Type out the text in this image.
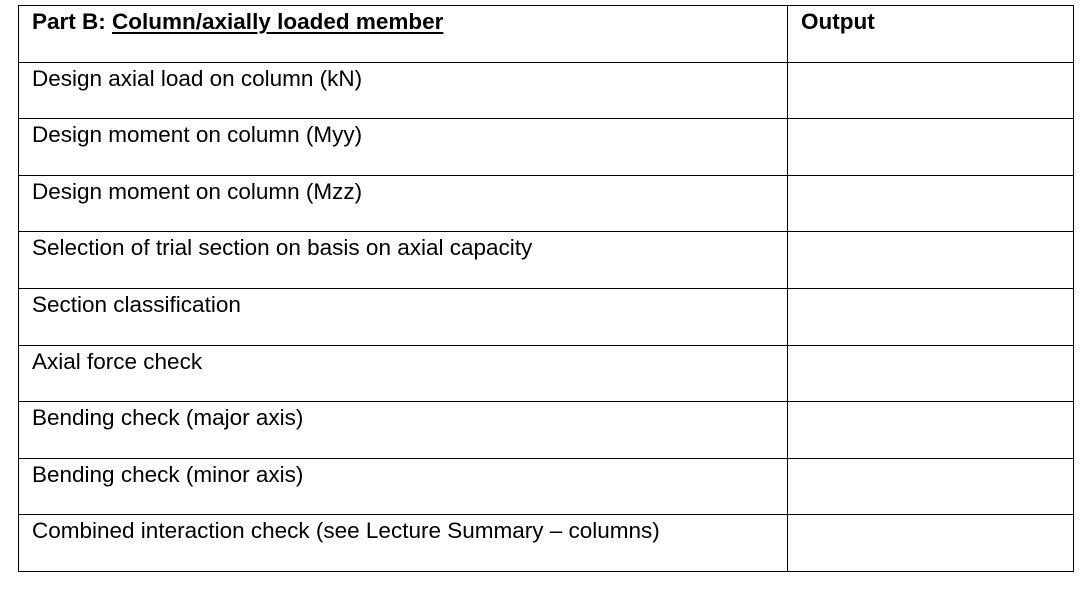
Part B: Column/axially loaded member	Output

Design axial load on column (kN)	

Design moment on column (Myy)	

Design moment on column (Mzz)	

Selection of trial section on basis on axial capacity	

Section classification	

Axial force check	

Bending check (major axis)	

Bending check (minor axis)	

Combined interaction check (see Lecture Summary – columns)	
